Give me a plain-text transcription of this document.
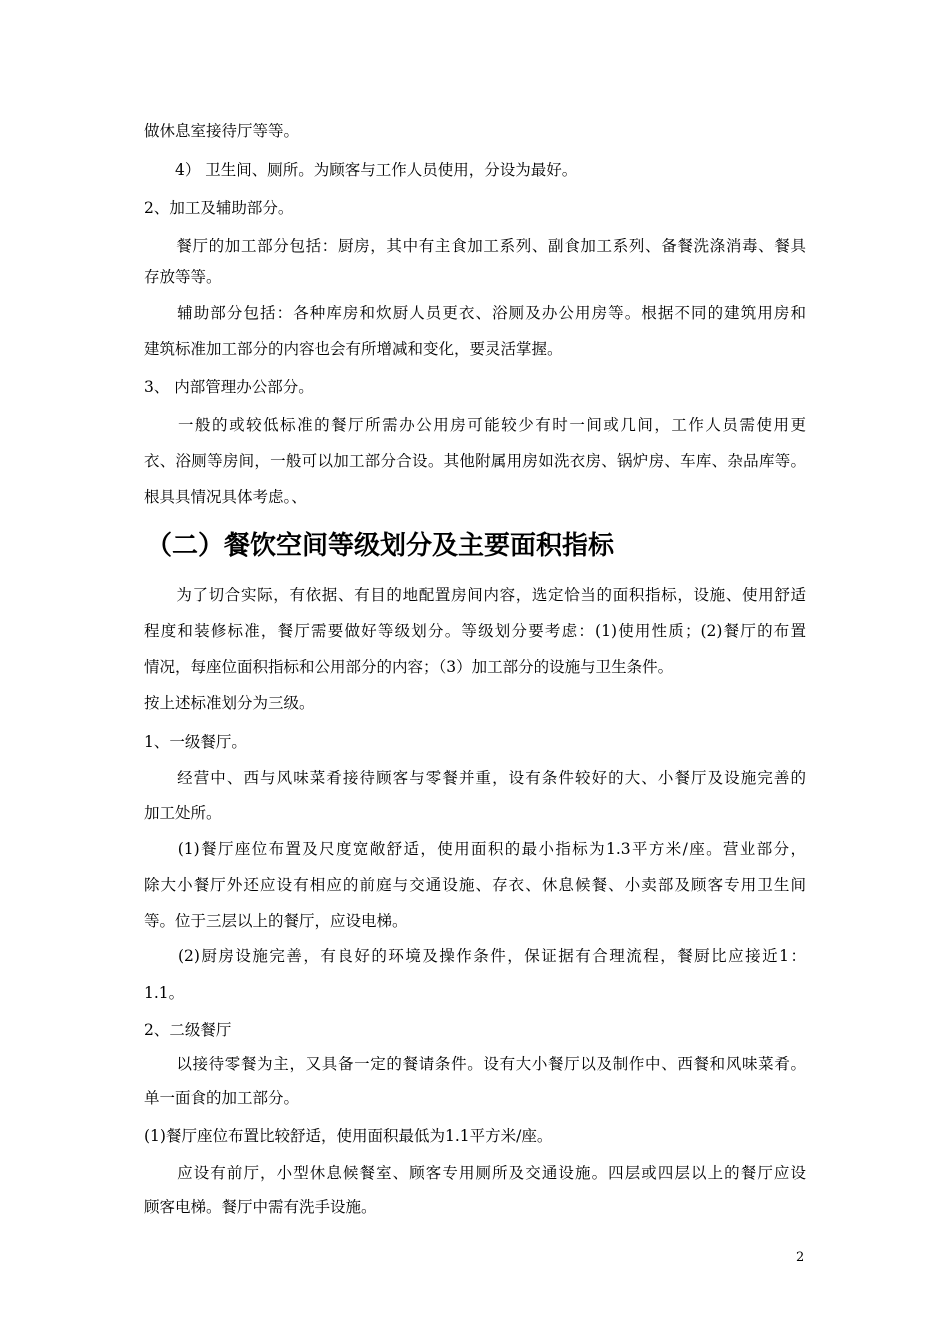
做休息室接待厅等等。
　　4） 卫生间、厕所。为顾客与工作人员使用，分设为最好。
2、加工及辅助部分。
　　餐厅的加工部分包括：厨房，其中有主食加工系列、副食加工系列、备餐洗涤消毒、餐具
存放等等。
　　辅助部分包括：各种库房和炊厨人员更衣、浴厕及办公用房等。根据不同的建筑用房和
建筑标准加工部分的内容也会有所增减和变化，要灵活掌握。
3、 内部管理办公部分。
　　一般的或较低标准的餐厅所需办公用房可能较少有时一间或几间，工作人员需使用更
衣、浴厕等房间，一般可以加工部分合设。其他附属用房如洗衣房、锅炉房、车库、杂品库等。
根具具情况具体考虑。、
（二）餐饮空间等级划分及主要面积指标
　　为了切合实际，有依据、有目的地配置房间内容，选定恰当的面积指标，设施、使用舒适
程度和装修标准，餐厅需要做好等级划分。等级划分要考虑：(1)使用性质；(2)餐厅的布置
情况，每座位面积指标和公用部分的内容；（3）加工部分的设施与卫生条件。
按上述标准划分为三级。
1、一级餐厅。
　　经营中、西与风味菜肴接待顾客与零餐并重，设有条件较好的大、小餐厅及设施完善的
加工处所。
　　(1)餐厅座位布置及尺度宽敞舒适，使用面积的最小指标为1.3平方米/座。营业部分，
除大小餐厅外还应设有相应的前庭与交通设施、存衣、休息候餐、小卖部及顾客专用卫生间
等。位于三层以上的餐厅，应设电梯。
　　(2)厨房设施完善，有良好的环境及操作条件，保证据有合理流程，餐厨比应接近1：
1.1。
2、二级餐厅
　　以接待零餐为主，又具备一定的餐请条件。设有大小餐厅以及制作中、西餐和风味菜肴。
单一面食的加工部分。
(1)餐厅座位布置比较舒适，使用面积最低为1.1平方米/座。
　　应设有前厅，小型休息候餐室、顾客专用厕所及交通设施。四层或四层以上的餐厅应设
顾客电梯。餐厅中需有洗手设施。
2
